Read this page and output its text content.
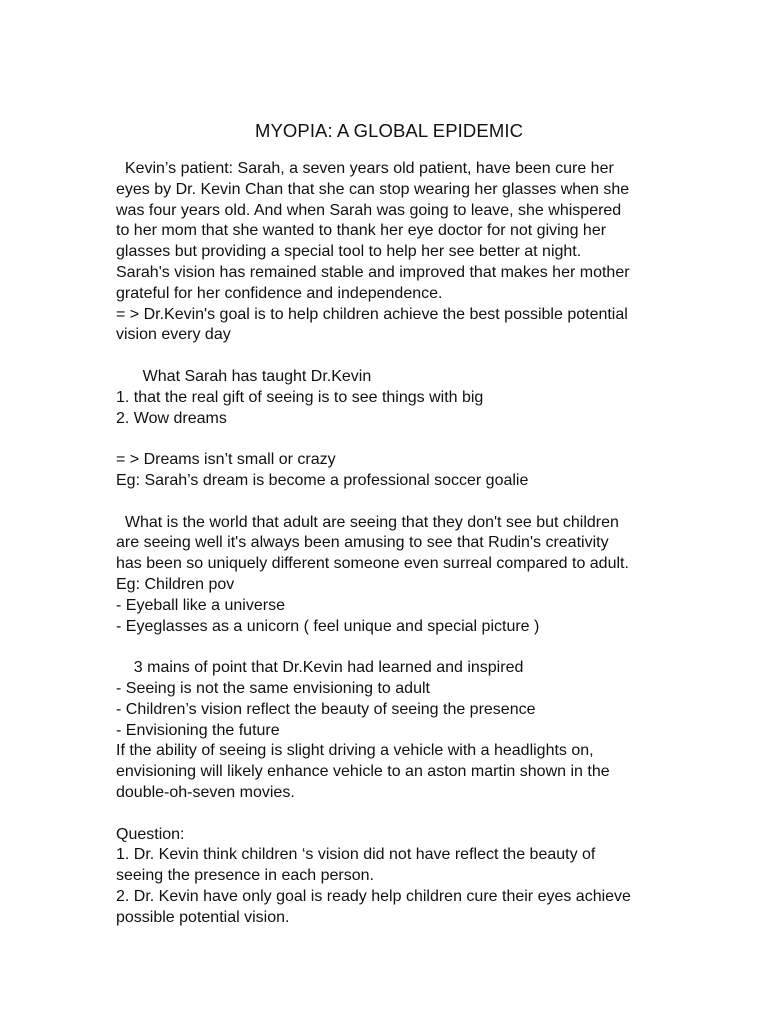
MYOPIA: A GLOBAL EPIDEMIC
Kevin’s patient: Sarah, a seven years old patient, have been cure her
eyes by Dr. Kevin Chan that she can stop wearing her glasses when she
was four years old. And when Sarah was going to leave, she whispered
to her mom that she wanted to thank her eye doctor for not giving her
glasses but providing a special tool to help her see better at night.
Sarah's vision has remained stable and improved that makes her mother
grateful for her confidence and independence.
= > Dr.Kevin's goal is to help children achieve the best possible potential
vision every day
What Sarah has taught Dr.Kevin
1. that the real gift of seeing is to see things with big
2. Wow dreams
= > Dreams isn’t small or crazy
Eg: Sarah’s dream is become a professional soccer goalie
What is the world that adult are seeing that they don't see but children
are seeing well it's always been amusing to see that Rudin's creativity
has been so uniquely different someone even surreal compared to adult.
Eg: Children pov
- Eyeball like a universe
- Eyeglasses as a unicorn ( feel unique and special picture )
3 mains of point that Dr.Kevin had learned and inspired
- Seeing is not the same envisioning to adult
- Children’s vision reflect the beauty of seeing the presence
- Envisioning the future
If the ability of seeing is slight driving a vehicle with a headlights on,
envisioning will likely enhance vehicle to an aston martin shown in the
double-oh-seven movies.
Question:
1. Dr. Kevin think children ‘s vision did not have reflect the beauty of
seeing the presence in each person.
2. Dr. Kevin have only goal is ready help children cure their eyes achieve
possible potential vision.
